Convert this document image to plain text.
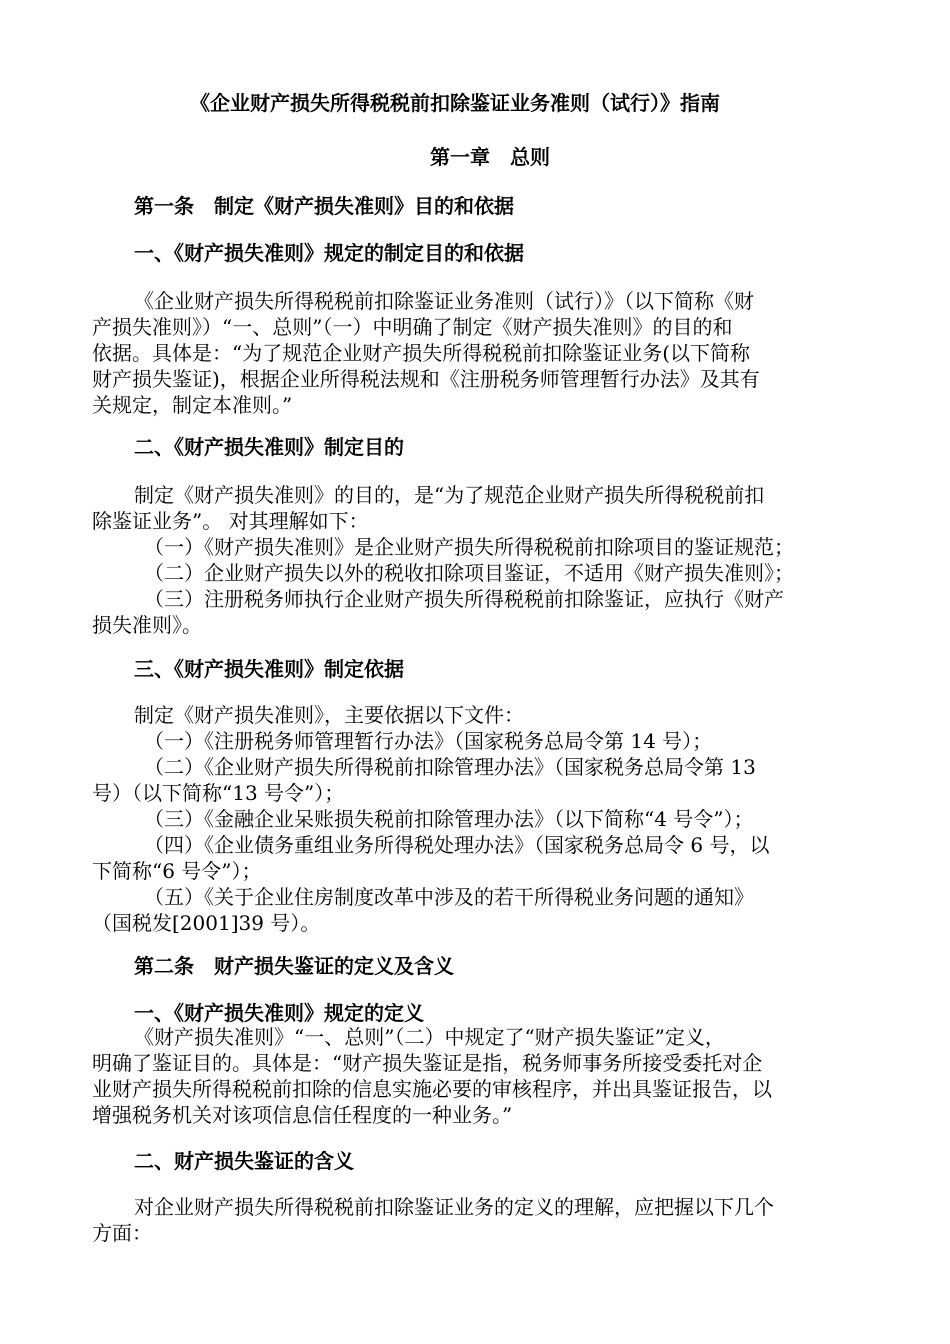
《企业财产损失所得税税前扣除鉴证业务准则（试行）》指南
第一章　总则
第一条　制定《财产损失准则》目的和依据
一、《财产损失准则》规定的制定目的和依据
《企业财产损失所得税税前扣除鉴证业务准则（试行）》（以下简称《财
产损失准则》）“一、总则”（一）中明确了制定《财产损失准则》的目的和
依据。具体是：“为了规范企业财产损失所得税税前扣除鉴证业务(以下简称
财产损失鉴证)，根据企业所得税法规和《注册税务师管理暂行办法》及其有
关规定，制定本准则。”
二、《财产损失准则》制定目的
制定《财产损失准则》的目的，是“为了规范企业财产损失所得税税前扣
除鉴证业务”。 对其理解如下：
（一）《财产损失准则》是企业财产损失所得税税前扣除项目的鉴证规范；
（二）企业财产损失以外的税收扣除项目鉴证，不适用《财产损失准则》；
（三）注册税务师执行企业财产损失所得税税前扣除鉴证，应执行《财产
损失准则》。
三、《财产损失准则》制定依据
制定《财产损失准则》，主要依据以下文件：
（一）《注册税务师管理暂行办法》（国家税务总局令第 14 号）；
（二）《企业财产损失所得税前扣除管理办法》（国家税务总局令第 13
号）（以下简称“13 号令”）；
（三）《金融企业呆账损失税前扣除管理办法》（以下简称“4 号令”）；
（四）《企业债务重组业务所得税处理办法》（国家税务总局令 6 号，以
下简称“6 号令”）；
（五）《关于企业住房制度改革中涉及的若干所得税业务问题的通知》
（国税发[2001]39 号）。
第二条　财产损失鉴证的定义及含义
一、《财产损失准则》规定的定义
《财产损失准则》“一、总则”（二）中规定了“财产损失鉴证”定义，
明确了鉴证目的。具体是：“财产损失鉴证是指，税务师事务所接受委托对企
业财产损失所得税税前扣除的信息实施必要的审核程序，并出具鉴证报告，以
增强税务机关对该项信息信任程度的一种业务。”
二、财产损失鉴证的含义
对企业财产损失所得税税前扣除鉴证业务的定义的理解，应把握以下几个
方面：
